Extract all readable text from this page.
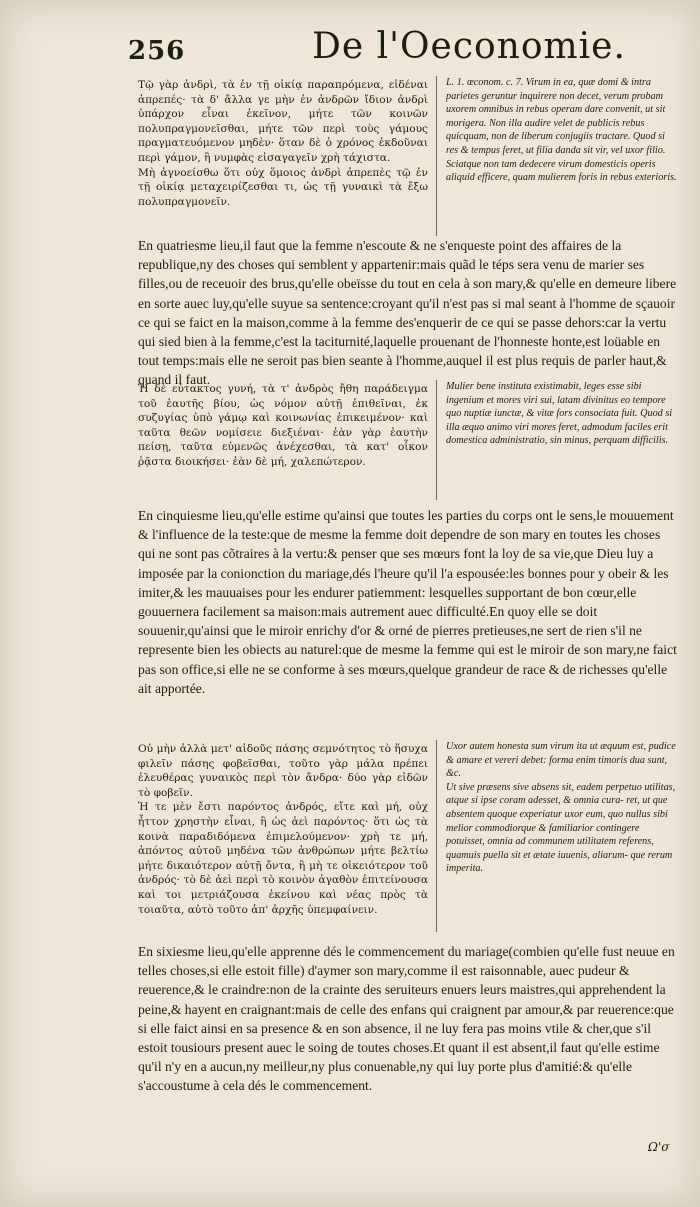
256	De l'Oeconomie.
Τῷ γὰρ ἀνδρὶ, τὰ ἐν τῇ οἰκίᾳ παραπρόμενα, εἰδέναι ἀπρεπές· τὰ δ' ἄλλα γε μὴν ἐν ἀνδρῶν ἴδιον ἀνδρὶ ὑπάρχον εἶναι ἐκεῖνον, μήτε τῶν κοινῶν πολυπραγμονεῖσθαι, μήτε τῶν περὶ τοὺς γάμους πραγματευόμενον μηδὲν· ὅταν δὲ ὁ χρόνος ἐκδοῦναι περὶ γάμον, ἢ νυμφὰς εἰσαγαγεῖν χρὴ τάχιστα.
Μὴ ἀγνοείσθω ὅτι οὐχ ὅμοιος ἀνδρὶ ἀπρεπὲς τῷ ἐν τῇ οἰκίᾳ μεταχειρίζεσθαι τι, ὡς τῇ γυναικὶ τὰ ἔξω πολυπραγμονεῖν.
L. 1. œconom. c. 7. Virum in ea, quæ domi & intra parietes geruntur inquirere non decet, verum probam uxorem omnibus in rebus operam dare convenit, ut sit morigera. Non illa audire velet de publicis rebus quicquam, non de liberum conjugiis tractare. Quod si res & tempus feret, ut filia danda sit vir, vel uxor filio.
Sciatque non tam dedecere virum domesticis operis aliquid efficere, quam mulierem foris in rebus exterioris.
En quatriesme lieu,il faut que la femme n'escoute & ne s'enqueste point des affaires de la republique,ny des choses qui semblent y appartenir:mais quãd le téps sera venu de marier ses filles,ou de receuoir des brus,qu'elle obeïsse du tout en cela à son mary,& qu'elle en demeure libere en sorte auec luy,qu'elle suyue sa sentence:croyant qu'il n'est pas si mal seant à l'homme de sçauoir ce qui se faict en la maison,comme à la femme des'enquerir de ce qui se passe dehors:car la vertu qui sied bien à la femme,c'est la taciturnité,laquelle prouenant de l'honneste honte,est loüable en tout temps:mais elle ne seroit pas bien seante à l'homme,auquel il est plus requis de parler haut,& quand il faut.
Ἡ δὲ εὐτακτος γυνή, τὰ τ' ἀνδρὸς ἤθη παράδειγμα τοῦ ἑαυτῆς βίου, ὡς νόμον αὐτῇ ἐπιθεῖναι, ἐκ συζυγίας ὑπὸ γάμῳ καὶ κοινωνίας ἐπικειμένον· καὶ ταῦτα θεῶν νομίσειε διεξιέναι· ἐὰν γὰρ ἑαυτὴν πείσῃ, ταῦτα εὐμενῶς ἀνέχεσθαι, τὰ κατ' οἶκον ῥᾷστα διοικήσει· ἐὰν δὲ μή, χαλεπώτερον.
Mulier bene instituta existimabit, leges esse sibi ingenium et mores viri sui, latam divinitus eo tempore quo nuptiæ iunctæ, & vitæ fors consociata fuit. Quod si illa æquo animo viri mores feret, admodum faciles erit domestica administratio, sin minus, perquam difficilis.
En cinquiesme lieu,qu'elle estime qu'ainsi que toutes les parties du corps ont le sens,le mouuement & l'influence de la teste:que de mesme la femme doit dependre de son mary en toutes les choses qui ne sont pas cõtraires à la vertu:& penser que ses mœurs font la loy de sa vie,que Dieu luy a imposée par la conionction du mariage,dés l'heure qu'il l'a espousée:les bonnes pour y obeir & les imiter,& les mauuaises pour les endurer patiemment: lesquelles supportant de bon cœur,elle gouuernera facilement sa maison:mais autrement auec difficulté.En quoy elle se doit souuenir,qu'ainsi que le miroir enrichy d'or & orné de pierres pretieuses,ne sert de rien s'il ne represente bien les obiects au naturel:que de mesme la femme qui est le miroir de son mary,ne faict pas son office,si elle ne se conforme à ses mœurs,quelque grandeur de race & de richesses qu'elle ait apportée.
Οὐ μὴν ἀλλὰ μετ' αἰδοῦς πάσης σεμνότητος τὸ ἥσυχα φιλεῖν πάσης φοβεῖσθαι, τοῦτο γὰρ μάλα πρέπει ἐλευθέρας γυναικὸς περὶ τὸν ἄνδρα· δύο γὰρ εἰδῶν τὸ φοβεῖν.
Ἡ τε μὲν ἔστι παρόντος ἀνδρός, εἴτε καὶ μή, οὐχ ἧττον χρηστὴν εἶναι, ἢ ὡς ἀεὶ παρόντος· ὅτι ὡς τὰ κοινὰ παραδιδόμενα ἐπιμελούμενον· χρὴ τε μή, ἀπόντος αὐτοῦ μηδένα τῶν ἀνθρώπων μήτε βελτίω μήτε δικαιότερον αὐτῇ ὄντα, ἢ μὴ τε οἰκειότερον τοῦ ἀνδρός· τὸ δὲ ἀεὶ περὶ τὸ κοινὸν ἀγαθὸν ἐπιτείνουσα καὶ τοι μετριάζουσα ἐκείνου καὶ νέας πρὸς τὰ τοιαῦτα, αὐτὸ τοῦτο ἀπ' ἀρχῆς ὑπεμφαίνειν.
Uxor autem honesta sum virum ita ut æquum est, pudice & amare et vereri debet: forma enim timoris dua sunt, &c.
Ut sive præsens sive absens sit, eadem perpetuo utilitas, atque si ipse coram adesset, & omnia cura- ret, ut que absentem quoque experiatur uxor eum, quo nullus sibi melior commodiorque & familiarior contingere potuisset, omnia ad communem utilitatem referens, quamuis puella sit et ætate iuuenis, aliarum- que rerum imperita.
En sixiesme lieu,qu'elle apprenne dés le commencement du mariage(combien qu'elle fust neuue en telles choses,si elle estoit fille) d'aymer son mary,comme il est raisonnable, auec pudeur & reuerence,& le craindre:non de la crainte des seruiteurs enuers leurs maistres,qui apprehendent la peine,& hayent en craignant:mais de celle des enfans qui craignent par amour,& par reuerence:que si elle faict ainsi en sa presence & en son absence, il ne luy fera pas moins vtile & cher,que s'il estoit tousiours present auec le soing de toutes choses.Et quant il est absent,il faut qu'elle estime qu'il n'y en a aucun,ny meilleur,ny plus conuenable,ny qui luy porte plus d'amitié:& qu'elle s'accoustume à cela dés le commencement.
Ω'σ
